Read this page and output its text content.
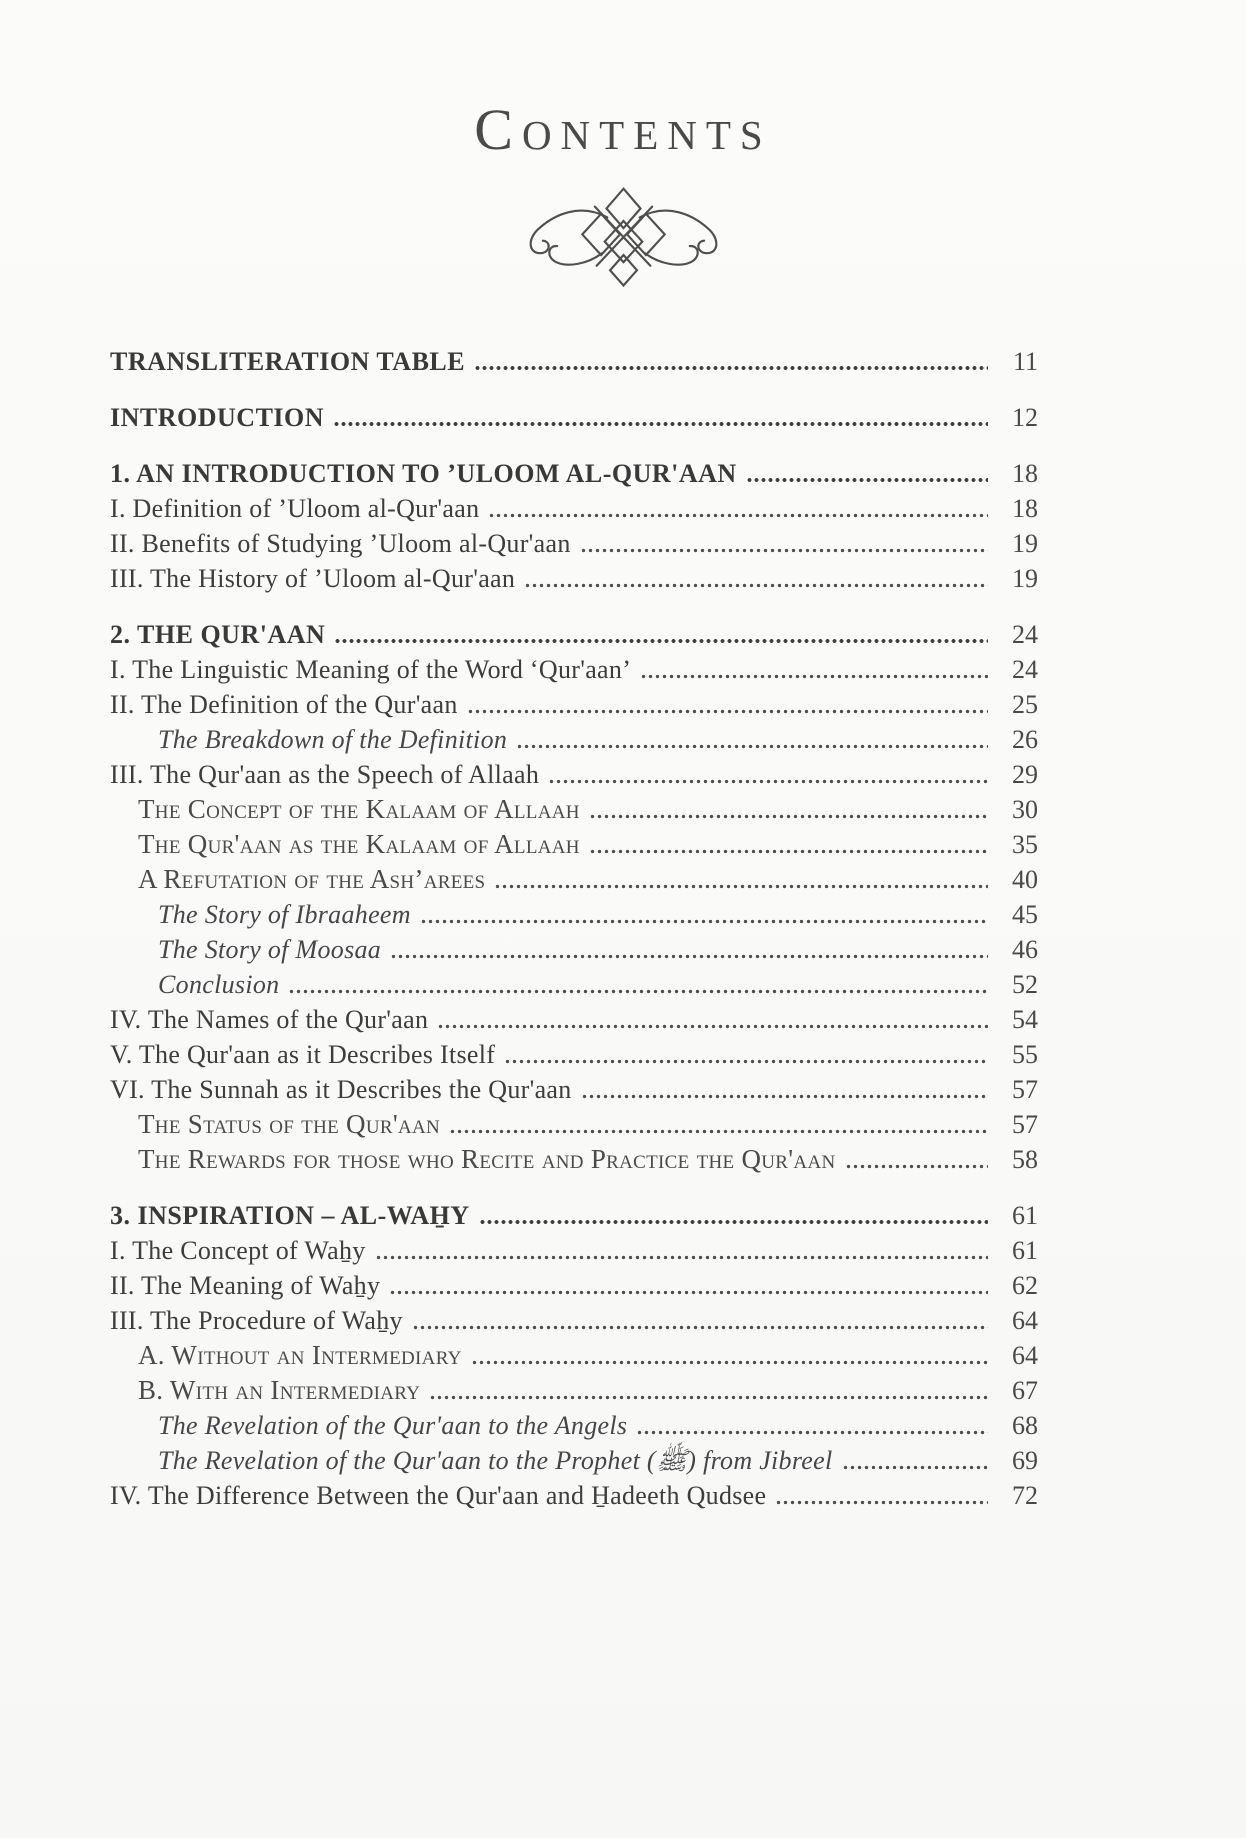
Contents
TRANSLITERATION TABLE	11
INTRODUCTION	12
1. AN INTRODUCTION TO ’ULOOM AL-QUR'AAN	18
I. Definition of ’Uloom al-Qur'aan	18
II. Benefits of Studying ’Uloom al-Qur'aan	19
III. The History of ’Uloom al-Qur'aan	19
2. THE QUR'AAN	24
I. The Linguistic Meaning of the Word ‘Qur'aan’	24
II. The Definition of the Qur'aan	25
The Breakdown of the Definition	26
III. The Qur'aan as the Speech of Allaah	29
The Concept of the Kalaam of Allaah	30
The Qur'aan as the Kalaam of Allaah	35
A Refutation of the Ash’arees	40
The Story of Ibraaheem	45
The Story of Moosaa	46
Conclusion	52
IV. The Names of the Qur'aan	54
V. The Qur'aan as it Describes Itself	55
VI. The Sunnah as it Describes the Qur'aan	57
The Status of the Qur'aan	57
The Rewards for those who Recite and Practice the Qur'aan	58
3. INSPIRATION – AL-WAH̱Y	61
I. The Concept of Waẖy	61
II. The Meaning of Waẖy	62
III. The Procedure of Waẖy	64
A. Without an Intermediary	64
B. With an Intermediary	67
The Revelation of the Qur'aan to the Angels	68
The Revelation of the Qur'aan to the Prophet (ﷺ) from Jibreel	69
IV. The Difference Between the Qur'aan and H̱adeeth Qudsee	72
